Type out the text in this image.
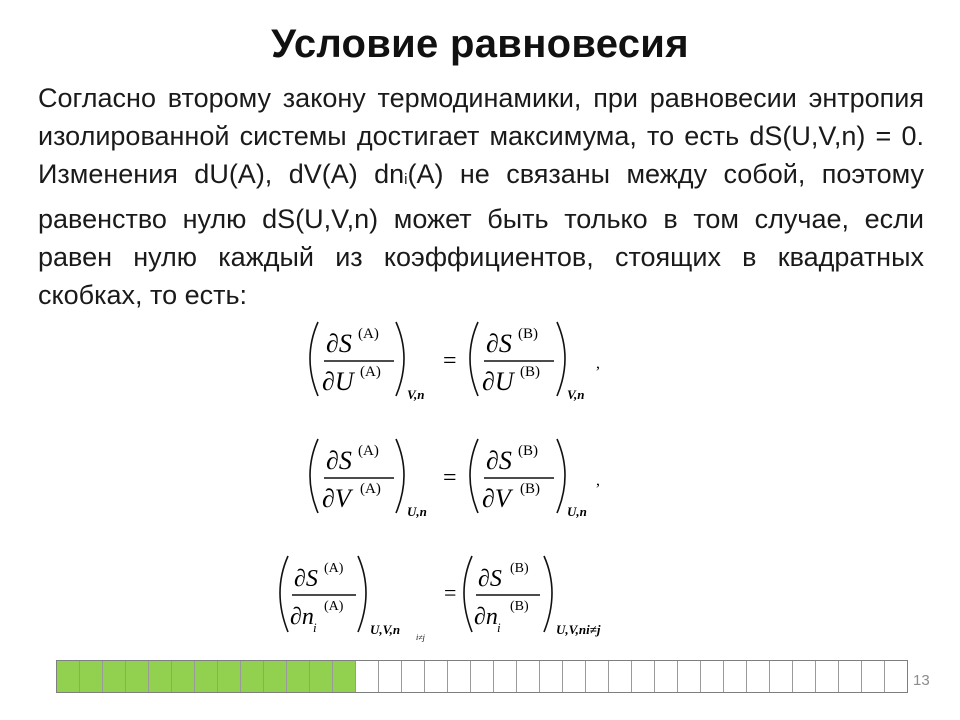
Условие равновесия
Согласно второму закону термодинамики, при равновесии энтропия изолированной системы достигает максимума, то есть dS(U,V,n) = 0. Изменения dU(A), dV(A) dni(A) не связаны между собой, поэтому равенство нулю dS(U,V,n) может быть только в том случае, если равен нулю каждый из коэффициентов, стоящих в квадратных скобках, то есть:
∂S (A)
∂U (A)
V,n
=
∂S (B)
∂U (B)
V,n
,
∂S (A)
∂V (A)
U,n
=
∂S (B)
∂V (B)
U,n
,
∂S (A)
∂n i
(A)
U,V,n
i≠j
=
∂S (B)
∂n i
(B)
U,V,ni≠j
13
